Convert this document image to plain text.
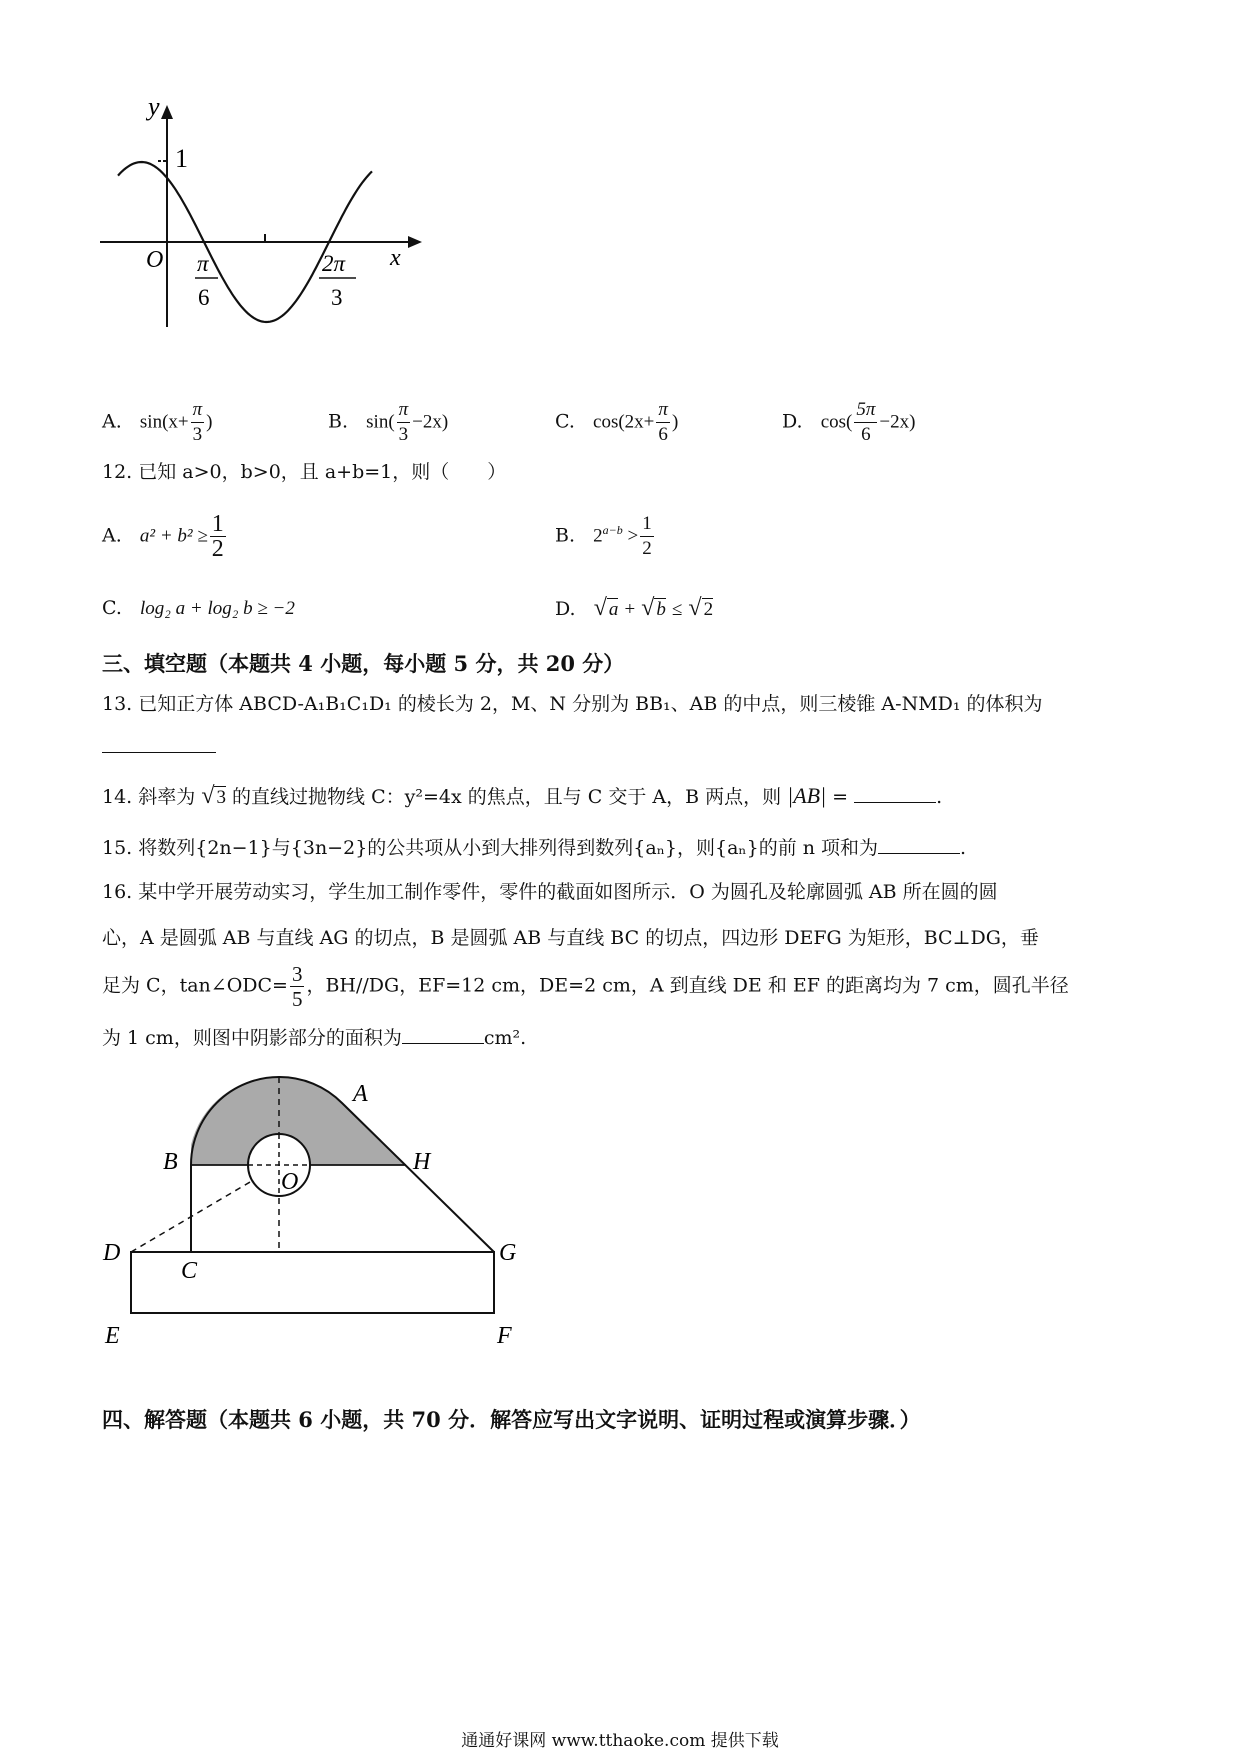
y
x
O
1
π
6
2π
3
A. $\sin(x+ \frac{\pi}{3}$ )	B. $\sin( \frac{\pi}{3} -2x)$	C. $\cos(2x+ \frac{\pi}{6}$ )	D. $\cos( \frac{5\pi}{6} -2x)$
12. 已知 a>0，b>0，且 a+b=1，则（　　）
A. $a^2 + b^2 \ge \frac{1}{2}$	B. $2^{a-b} > \frac{1}{2}$
C. log₂ a + log₂ b ≥ −2	D. √ a + √ b ≤ √ 2
三、填空题（本题共 4 小题，每小题 5 分，共 20 分）
13. 已知正方体 ABCD-A₁B₁C₁D₁ 的棱长为 2，M、N 分别为 BB₁、AB 的中点，则三棱锥 A-NMD₁ 的体积为
14. 斜率为 √ 3 的直线过抛物线 C：y²=4x 的焦点，且与 C 交于 A，B 两点，则 |AB| =	.
15. 将数列{2n−1}与{3n−2}的公共项从小到大排列得到数列{aₙ}，则{aₙ}的前 n 项和为	.
16. 某中学开展劳动实习，学生加工制作零件，零件的截面如图所示．O 为圆孔及轮廓圆弧 AB 所在圆的圆
心，A 是圆弧 AB 与直线 AG 的切点，B 是圆弧 AB 与直线 BC 的切点，四边形 DEFG 为矩形，BC⊥DG，垂
足为 C，tan∠ODC= $\frac{3}{5}$ ，BH//DG，EF=12 cm，DE=2 cm，A 到直线 DE 和 EF 的距离均为 7 cm，圆孔半径
为 1 cm，则图中阴影部分的面积为	cm².
A
B	H
O
D
C
G
E	F
四、解答题（本题共 6 小题，共 70 分．解答应写出文字说明、证明过程或演算步骤．）
通通好课网 www.tthaoke.com 提供下载
